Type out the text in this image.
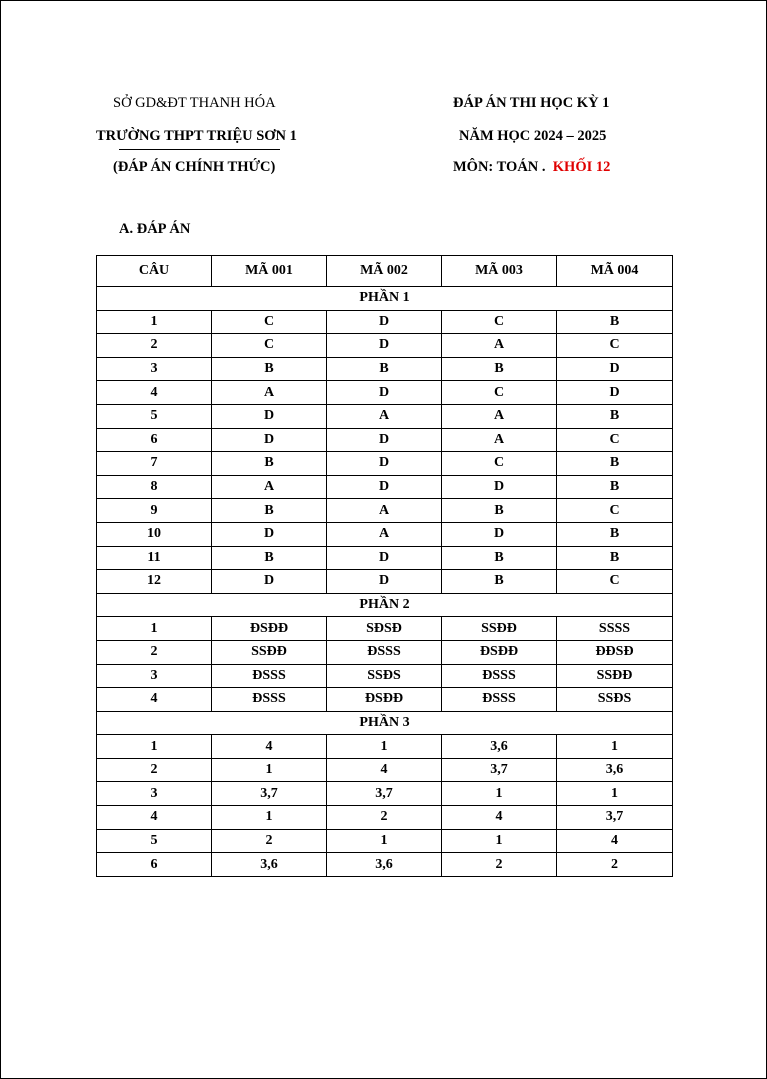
SỞ GD&ĐT THANH HÓA
TRƯỜNG THPT TRIỆU SƠN 1
(ĐÁP ÁN CHÍNH THỨC)
ĐÁP ÁN THI HỌC KỲ 1
NĂM HỌC 2024 – 2025
MÔN: TOÁN . KHỐI 12
A. ĐÁP ÁN
CÂU	MÃ 001	MÃ 002	MÃ 003	MÃ 004
PHẦN 1				
1	C	D	C	B
2	C	D	A	C
3	B	B	B	D
4	A	D	C	D
5	D	A	A	B
6	D	D	A	C
7	B	D	C	B
8	A	D	D	B
9	B	A	B	C
10	D	A	D	B
11	B	D	B	B
12	D	D	B	C
PHẦN 2				
1	ĐSĐĐ	SĐSĐ	SSĐĐ	SSSS
2	SSĐĐ	ĐSSS	ĐSĐĐ	ĐĐSĐ
3	ĐSSS	SSĐS	ĐSSS	SSĐĐ
4	ĐSSS	ĐSĐĐ	ĐSSS	SSĐS
PHẦN 3				
1	4	1	3,6	1
2	1	4	3,7	3,6
3	3,7	3,7	1	1
4	1	2	4	3,7
5	2	1	1	4
6	3,6	3,6	2	2
